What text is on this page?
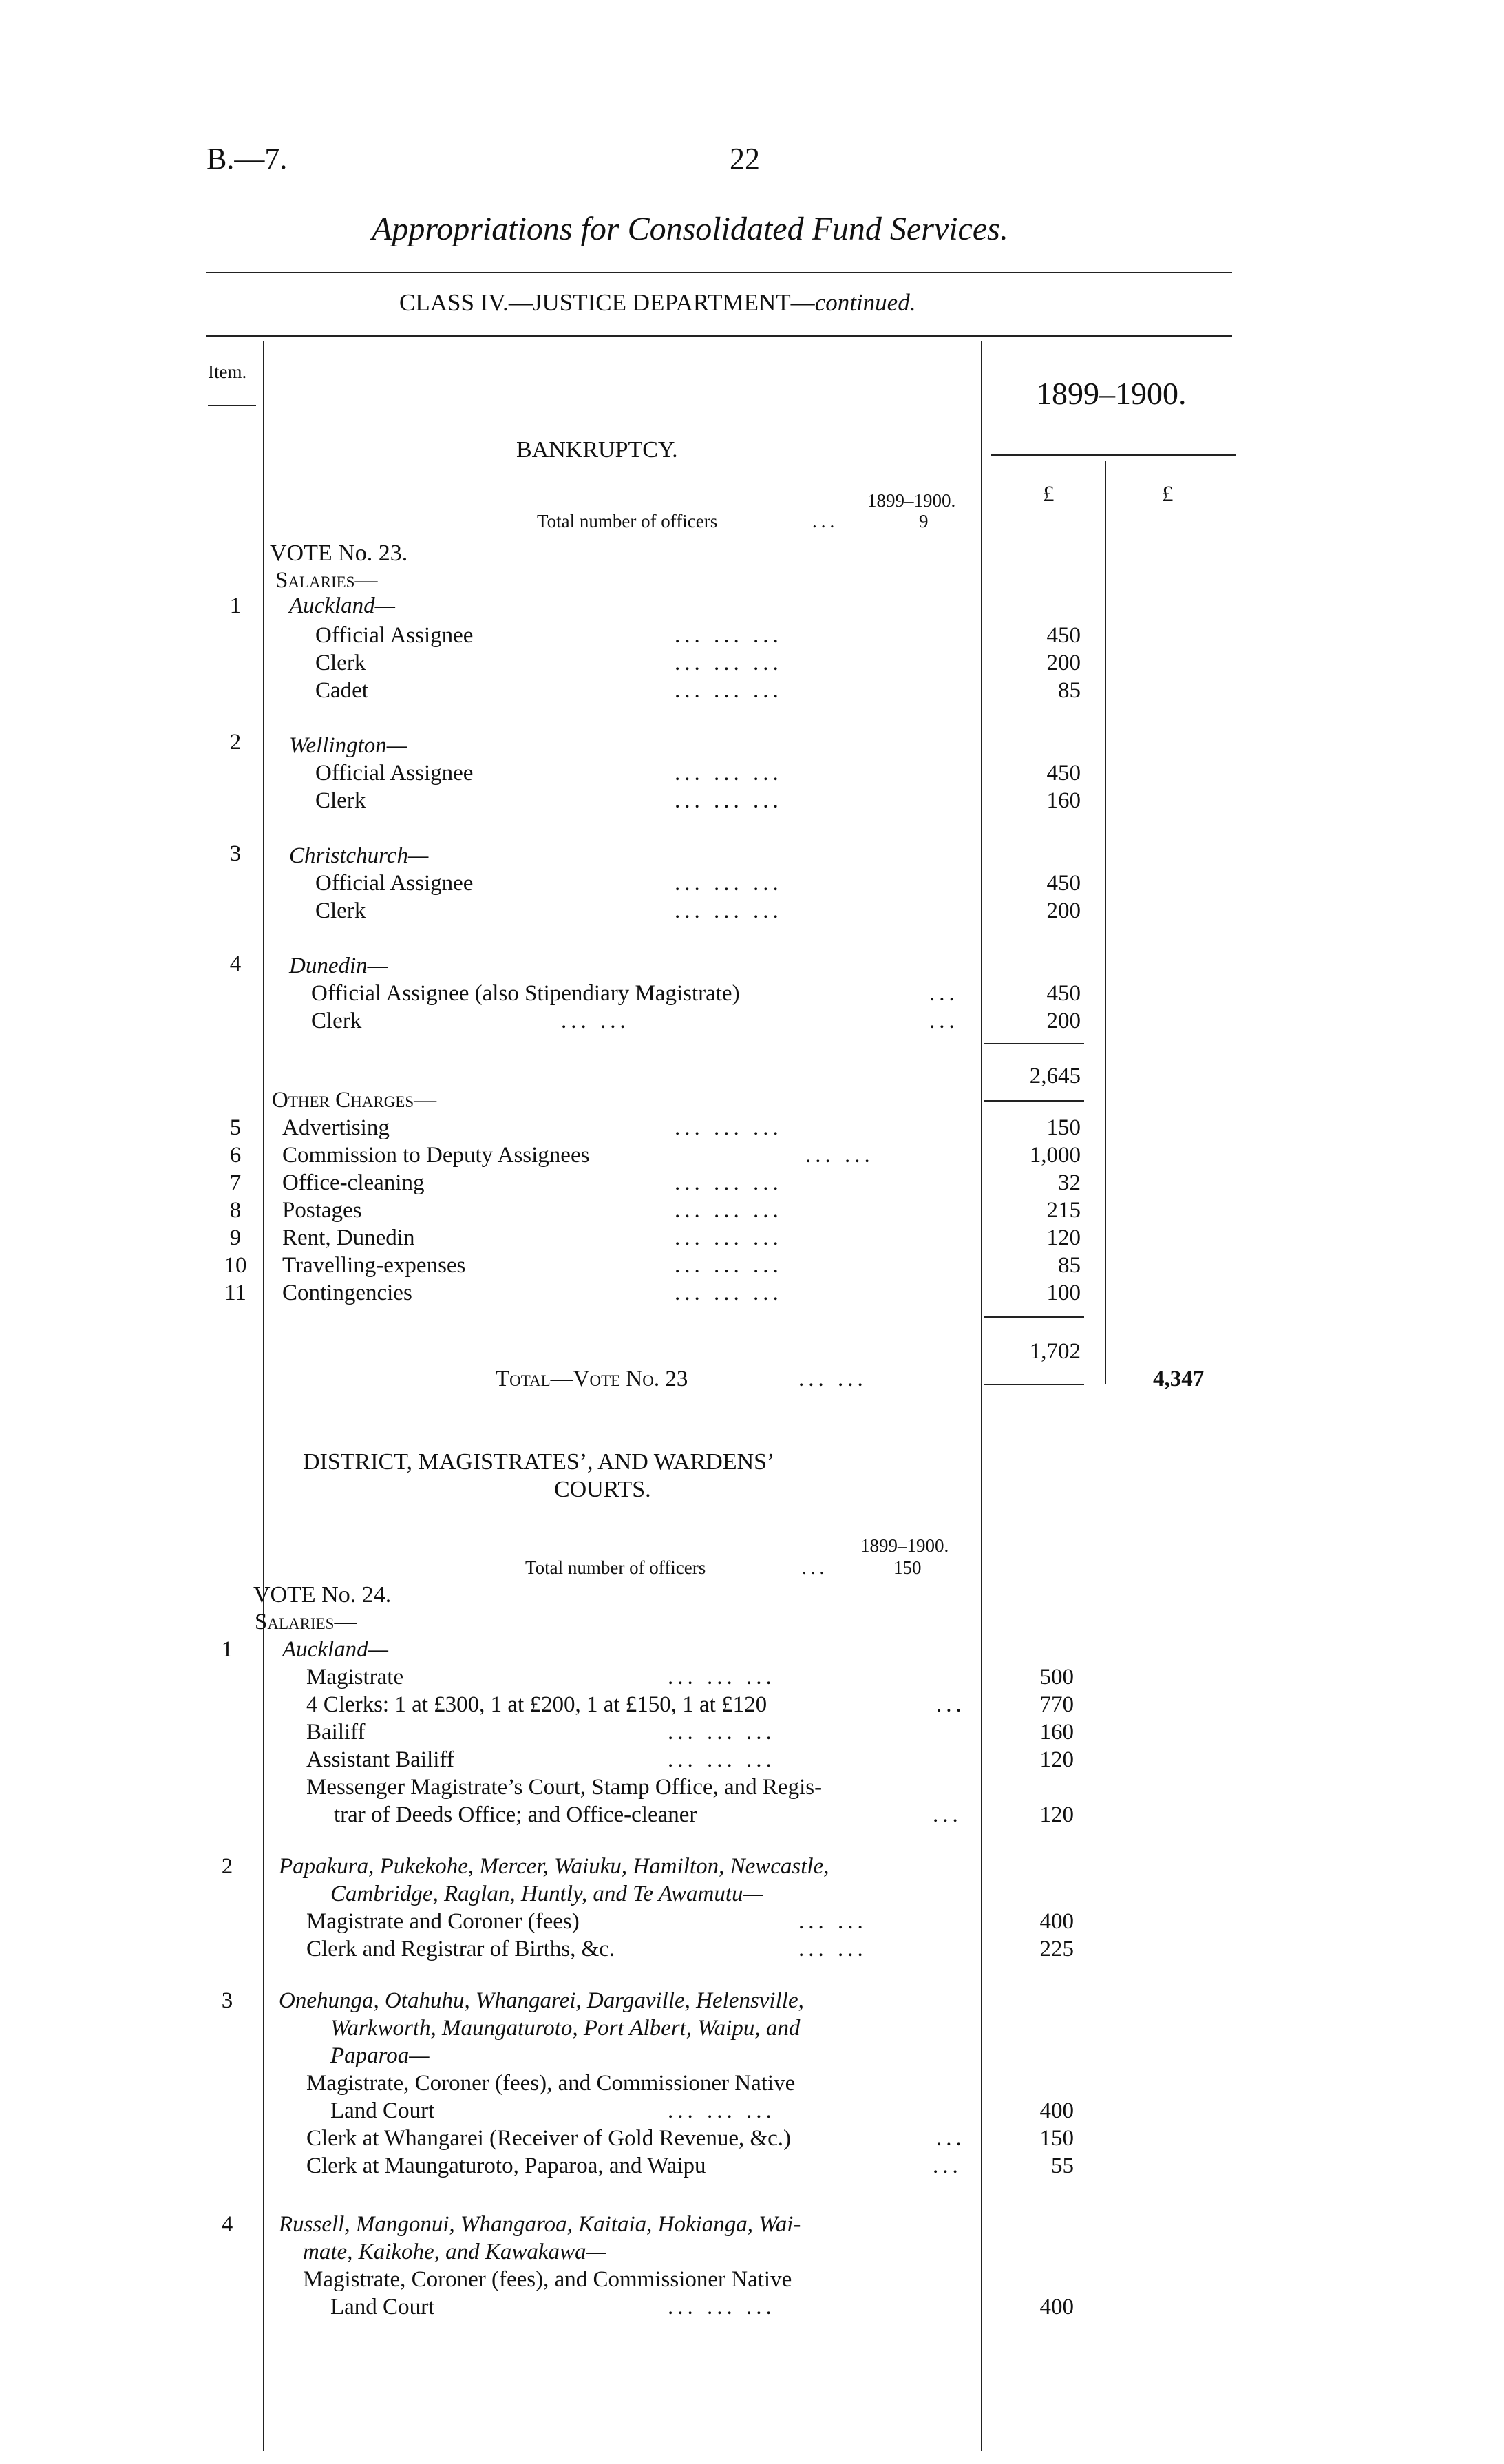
B.—7.	22
Appropriations for Consolidated Fund Services.
CLASS IV.—JUSTICE DEPARTMENT—continued.
Item.
1899–1900.
£	£
BANKRUPTCY.
1899–1900.
Total number of officers	...	9
VOTE No. 23.
Salaries—
1	Auckland—
Official Assignee	... ... ...	450
Clerk	... ... ...	200
Cadet	... ... ...	85
2	Wellington—
Official Assignee	... ... ...	450
Clerk	... ... ...	160
3	Christchurch—
Official Assignee	... ... ...	450
Clerk	... ... ...	200
4	Dunedin—
Official Assignee (also Stipendiary Magistrate)	...	450
Clerk	... ...	...	200
2,645
Other Charges—
5	Advertising	... ... ...	150
6	Commission to Deputy Assignees	... ...	1,000
7	Office-cleaning	... ... ...	32
8	Postages	... ... ...	215
9	Rent, Dunedin	... ... ...	120
10 Travelling-expenses	... ... ...	85
11 Contingencies	... ... ...	100
1,702
Total—Vote No. 23	... ...	4,347
DISTRICT, MAGISTRATES’, AND WARDENS’
COURTS.
1899–1900.
Total number of officers	...	150
VOTE No. 24.
Salaries—
1	Auckland—
Magistrate	... ... ...	500
4 Clerks: 1 at £300, 1 at £200, 1 at £150, 1 at £120	...	770
Bailiff	... ... ...	160
Assistant Bailiff	... ... ...	120
Messenger Magistrate’s Court, Stamp Office, and Regis-
trar of Deeds Office; and Office-cleaner	...	120
2	Papakura, Pukekohe, Mercer, Waiuku, Hamilton, Newcastle,
Cambridge, Raglan, Huntly, and Te Awamutu—
Magistrate and Coroner (fees)	... ...	400
Clerk and Registrar of Births, &c.	... ...	225
3	Onehunga, Otahuhu, Whangarei, Dargaville, Helensville,
Warkworth, Maungaturoto, Port Albert, Waipu, and
Paparoa—
Magistrate, Coroner (fees), and Commissioner Native
Land Court	... ... ...	400
Clerk at Whangarei (Receiver of Gold Revenue, &c.)	...	150
Clerk at Maungaturoto, Paparoa, and Waipu	...	55
4	Russell, Mangonui, Whangaroa, Kaitaia, Hokianga, Wai-
mate, Kaikohe, and Kawakawa—
Magistrate, Coroner (fees), and Commissioner Native
Land Court	... ... ...	400
